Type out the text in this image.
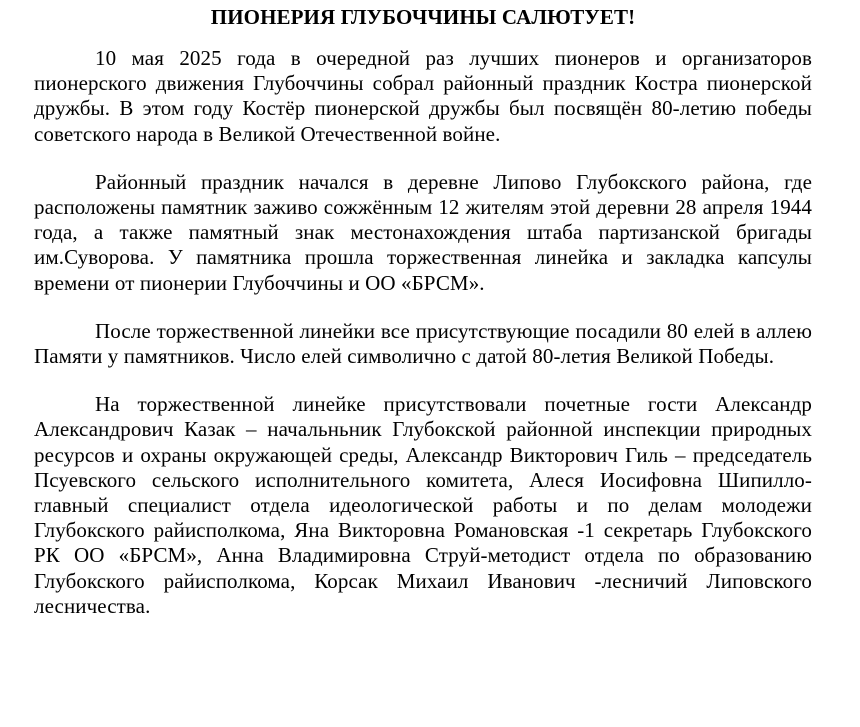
ПИОНЕРИЯ ГЛУБОЧЧИНЫ САЛЮТУЕТ!

10 мая 2025 года в очередной раз лучших пионеров и организаторов пионерского движения Глубоччины собрал районный праздник Костра пионерской дружбы. В этом году Костёр пионерской дружбы был посвящён 80-летию победы советского народа в Великой Отечественной войне.

Районный праздник начался в деревне Липово Глубокского района, где расположены памятник заживо сожжённым 12 жителям этой деревни 28 апреля 1944 года, а также памятный знак местонахождения штаба партизанской бригады им.Суворова. У памятника прошла торжественная линейка и закладка капсулы времени от пионерии Глубоччины и ОО «БРСМ».

После торжественной линейки все присутствующие посадили 80 елей в аллею Памяти у памятников. Число елей символично с датой 80-летия Великой Победы.

На торжественной линейке присутствовали почетные гости Александр Александрович Казак – начальньник Глубокской районной инспекции природных ресурсов и охраны окружающей среды, Александр Викторович Гиль – председатель Псуевского сельского исполнительного комитета, Алеся Иосифовна Шипилло- главный специалист отдела идеологической работы и по делам молодежи Глубокского райисполкома, Яна Викторовна Романовская -1 секретарь Глубокского РК ОО «БРСМ», Анна Владимировна Струй-методист отдела по образованию Глубокского райисполкома, Корсак Михаил Иванович -лесничий Липовского лесничества.
